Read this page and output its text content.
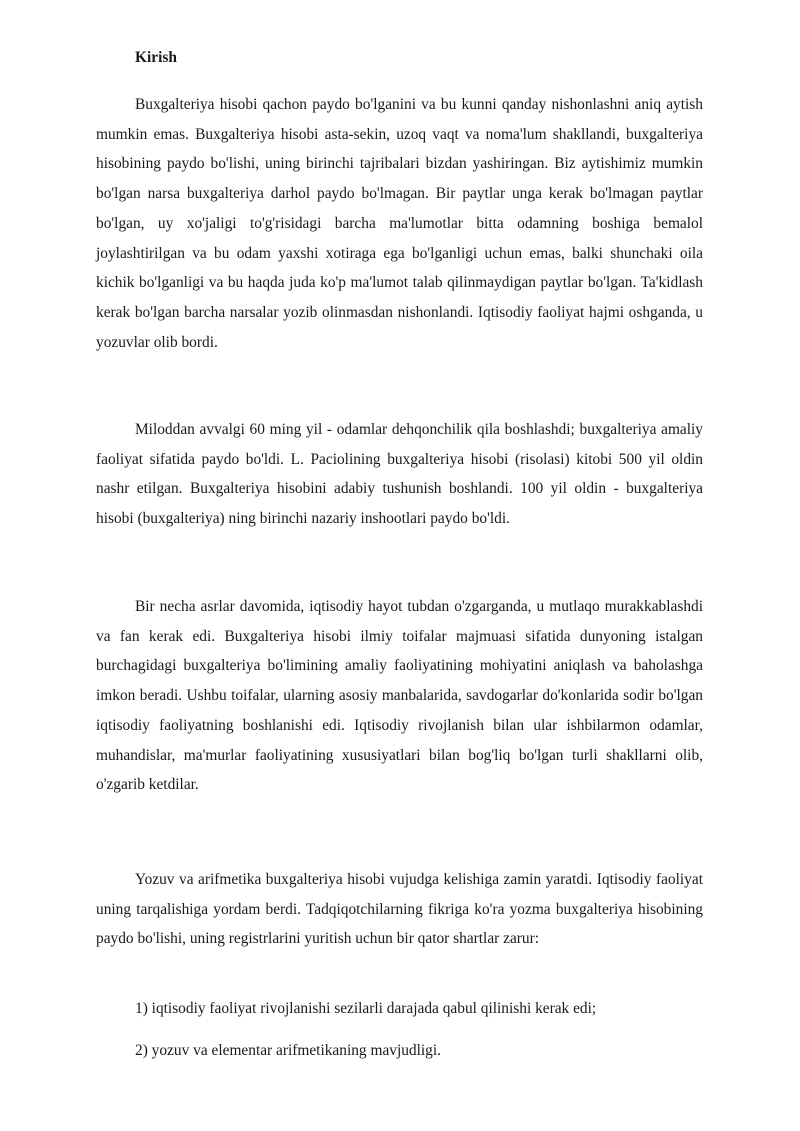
Kirish

Buxgalteriya hisobi qachon paydo bo'lganini va bu kunni qanday nishonlashni aniq aytish mumkin emas. Buxgalteriya hisobi asta-sekin, uzoq vaqt va noma'lum shakllandi, buxgalteriya hisobining paydo bo'lishi, uning birinchi tajribalari bizdan yashiringan. Biz aytishimiz mumkin bo'lgan narsa buxgalteriya darhol paydo bo'lmagan. Bir paytlar unga kerak bo'lmagan paytlar bo'lgan, uy xo'jaligi to'g'risidagi barcha ma'lumotlar bitta odamning boshiga bemalol joylashtirilgan va bu odam yaxshi xotiraga ega bo'lganligi uchun emas, balki shunchaki oila kichik bo'lganligi va bu haqda juda ko'p ma'lumot talab qilinmaydigan paytlar bo'lgan. Ta'kidlash kerak bo'lgan barcha narsalar yozib olinmasdan nishonlandi. Iqtisodiy faoliyat hajmi oshganda, u yozuvlar olib bordi.

Miloddan avvalgi 60 ming yil - odamlar dehqonchilik qila boshlashdi; buxgalteriya amaliy faoliyat sifatida paydo bo'ldi. L. Paciolining buxgalteriya hisobi (risolasi) kitobi 500 yil oldin nashr etilgan. Buxgalteriya hisobini adabiy tushunish boshlandi. 100 yil oldin - buxgalteriya hisobi (buxgalteriya) ning birinchi nazariy inshootlari paydo bo'ldi.

Bir necha asrlar davomida, iqtisodiy hayot tubdan o'zgarganda, u mutlaqo murakkablashdi va fan kerak edi. Buxgalteriya hisobi ilmiy toifalar majmuasi sifatida dunyoning istalgan burchagidagi buxgalteriya bo'limining amaliy faoliyatining mohiyatini aniqlash va baholashga imkon beradi. Ushbu toifalar, ularning asosiy manbalarida, savdogarlar do'konlarida sodir bo'lgan iqtisodiy faoliyatning boshlanishi edi. Iqtisodiy rivojlanish bilan ular ishbilarmon odamlar, muhandislar, ma'murlar faoliyatining xususiyatlari bilan bog'liq bo'lgan turli shakllarni olib, o'zgarib ketdilar.

Yozuv va arifmetika buxgalteriya hisobi vujudga kelishiga zamin yaratdi. Iqtisodiy faoliyat uning tarqalishiga yordam berdi. Tadqiqotchilarning fikriga ko'ra yozma buxgalteriya hisobining paydo bo'lishi, uning registrlarini yuritish uchun bir qator shartlar zarur:

1) iqtisodiy faoliyat rivojlanishi sezilarli darajada qabul qilinishi kerak edi;

2) yozuv va elementar arifmetikaning mavjudligi.
